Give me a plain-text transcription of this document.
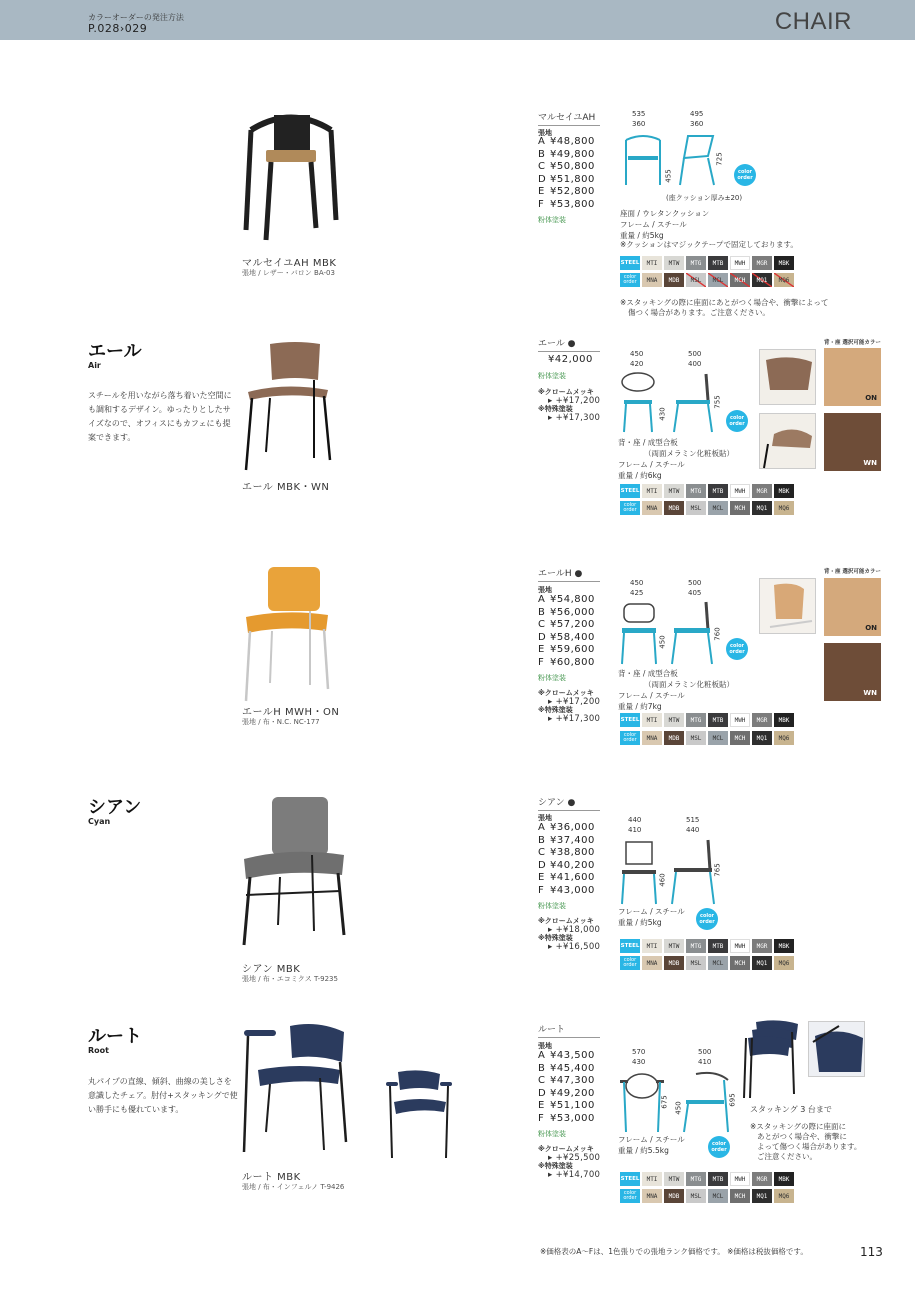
カラーオーダーの発注方法
P.028›029	CHAIR
マルセイユAH MBK
張地 / レザー・バロン BA-03
マルセイユAH
張地
A ¥48,800
B ¥49,800
C ¥50,800
D ¥51,800
E ¥52,800
F ¥53,800
粉体塗装
535
360
495
360
455
725
color
order
(座クッション厚み±20)
座面 / ウレタンクッション
フレーム / スチール
重量 / 約5kg
※クッションはマジックテープで固定しております。
STEEL	MTI	MTW	MTG	MTB	MWH	MGR	MBK
color order	MNA	MDB	MSL	MCL	MCH	MQ1	MQ6
※スタッキングの際に座面にあとがつく場合や、衝撃によって
傷つく場合があります。ご注意ください。
エール
Air
スチールを用いながら落ち着いた空間にも調和するデザイン。ゆったりとしたサイズなので、オフィスにもカフェにも提案できます。
エール MBK・WN
エール ●
¥42,000
粉体塗装
※クロームメッキ
▸ +¥17,200
※特殊塗装
▸ +¥17,300
450
420
500
400
430
755
color
order
背・座 / 成型合板
（両面メラミン化粧板貼）
フレーム / スチール
重量 / 約6kg
STEEL	MTI	MTW	MTG	MTB	MWH	MGR	MBK
color order	MNA	MDB	MSL	MCL	MCH	MQ1	MQ6
背・座 選択可能カラー
ON
WN
エールH MWH・ON
張地 / 布・N.C. NC-177
エールH ●
張地
A ¥54,800
B ¥56,000
C ¥57,200
D ¥58,400
E ¥59,600
F ¥60,800
粉体塗装
※クロームメッキ
▸ +¥17,200
※特殊塗装
▸ +¥17,300
450
425
500
405
450
760
color
order
背・座 / 成型合板
（両面メラミン化粧板貼）
フレーム / スチール
重量 / 約7kg
STEEL	MTI	MTW	MTG	MTB	MWH	MGR	MBK
color order	MNA	MDB	MSL	MCL	MCH	MQ1	MQ6
背・座 選択可能カラー
ON
WN
シアン
Cyan
シアン MBK
張地 / 布・エコミクス T-9235
シアン ●
張地
A ¥36,000
B ¥37,400
C ¥38,800
D ¥40,200
E ¥41,600
F ¥43,000
粉体塗装
※クロームメッキ
▸ +¥18,000
※特殊塗装
▸ +¥16,500
440
410
515
440
460
765
color
order
フレーム / スチール
重量 / 約5kg
STEEL	MTI	MTW	MTG	MTB	MWH	MGR	MBK
color order	MNA	MDB	MSL	MCL	MCH	MQ1	MQ6
ルート
Root
丸パイプの直線、傾斜、曲線の美しさを意識したチェア。肘付+スタッキングで使い勝手にも優れています。
ルート MBK
張地 / 布・インフェルノ T-9426
ルート
張地
A ¥43,500
B ¥45,400
C ¥47,300
D ¥49,200
E ¥51,100
F ¥53,000
粉体塗装
※クロームメッキ
▸ +¥25,500
※特殊塗装
▸ +¥14,700
570
430
500
410
675 450
695
color
order
フレーム / スチール
重量 / 約5.5kg
STEEL	MTI	MTW	MTG	MTB	MWH	MGR	MBK
color order	MNA	MDB	MSL	MCL	MCH	MQ1	MQ6
スタッキング 3 台まで
※スタッキングの際に座面に
あとがつく場合や、衝撃に
よって傷つく場合があります。
ご注意ください。
※価格表のA～Fは、1色張りでの張地ランク価格です。 ※価格は税抜価格です。	113
